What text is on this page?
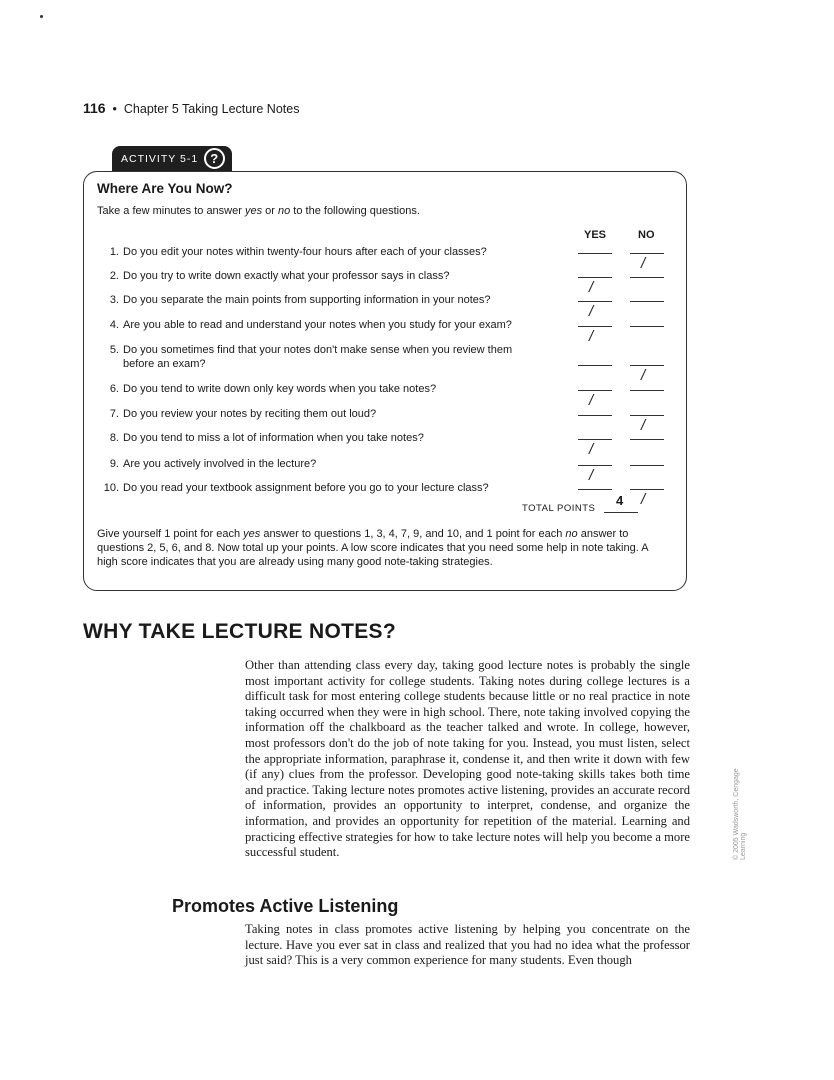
116 • Chapter 5 Taking Lecture Notes
ACTIVITY 5-1 ?
Where Are You Now?
Take a few minutes to answer yes or no to the following questions.
YES	NO
1. Do you edit your notes within twenty-four hours after each of your classes?
/
2. Do you try to write down exactly what your professor says in class?
/
3. Do you separate the main points from supporting information in your notes?
/
4. Are you able to read and understand your notes when you study for your exam?
/
5. Do you sometimes find that your notes don't make sense when you review them
before an exam?
/
6. Do you tend to write down only key words when you take notes?
/
7. Do you review your notes by reciting them out loud?
/
8. Do you tend to miss a lot of information when you take notes?
/
9. Are you actively involved in the lecture?
/
10. Do you read your textbook assignment before you go to your lecture class?
/
TOTAL POINTS
4
Give yourself 1 point for each yes answer to questions 1, 3, 4, 7, 9, and 10, and 1 point for each no answer to questions 2, 5, 6, and 8. Now total up your points. A low score indicates that you need some help in note taking. A high score indicates that you are already using many good note-taking strategies.
WHY TAKE LECTURE NOTES?
Other than attending class every day, taking good lecture notes is probably the single most important activity for college students. Taking notes during college lectures is a difficult task for most entering college students because little or no real practice in note taking occurred when they were in high school. There, note taking involved copying the information off the chalkboard as the teacher talked and wrote. In college, however, most professors don't do the job of note taking for you. Instead, you must listen, select the appropriate information, paraphrase it, condense it, and then write it down with few (if any) clues from the professor. Developing good note-taking skills takes both time and practice. Taking lecture notes promotes active listening, provides an accurate record of information, provides an opportunity to interpret, condense, and organize the information, and provides an opportunity for repetition of the material. Learning and practicing effective strategies for how to take lecture notes will help you become a more successful student.
Promotes Active Listening
Taking notes in class promotes active listening by helping you concentrate on the lecture. Have you ever sat in class and realized that you had no idea what the professor just said? This is a very common experience for many students. Even though
© 2005 Wadsworth, Cengage Learning
